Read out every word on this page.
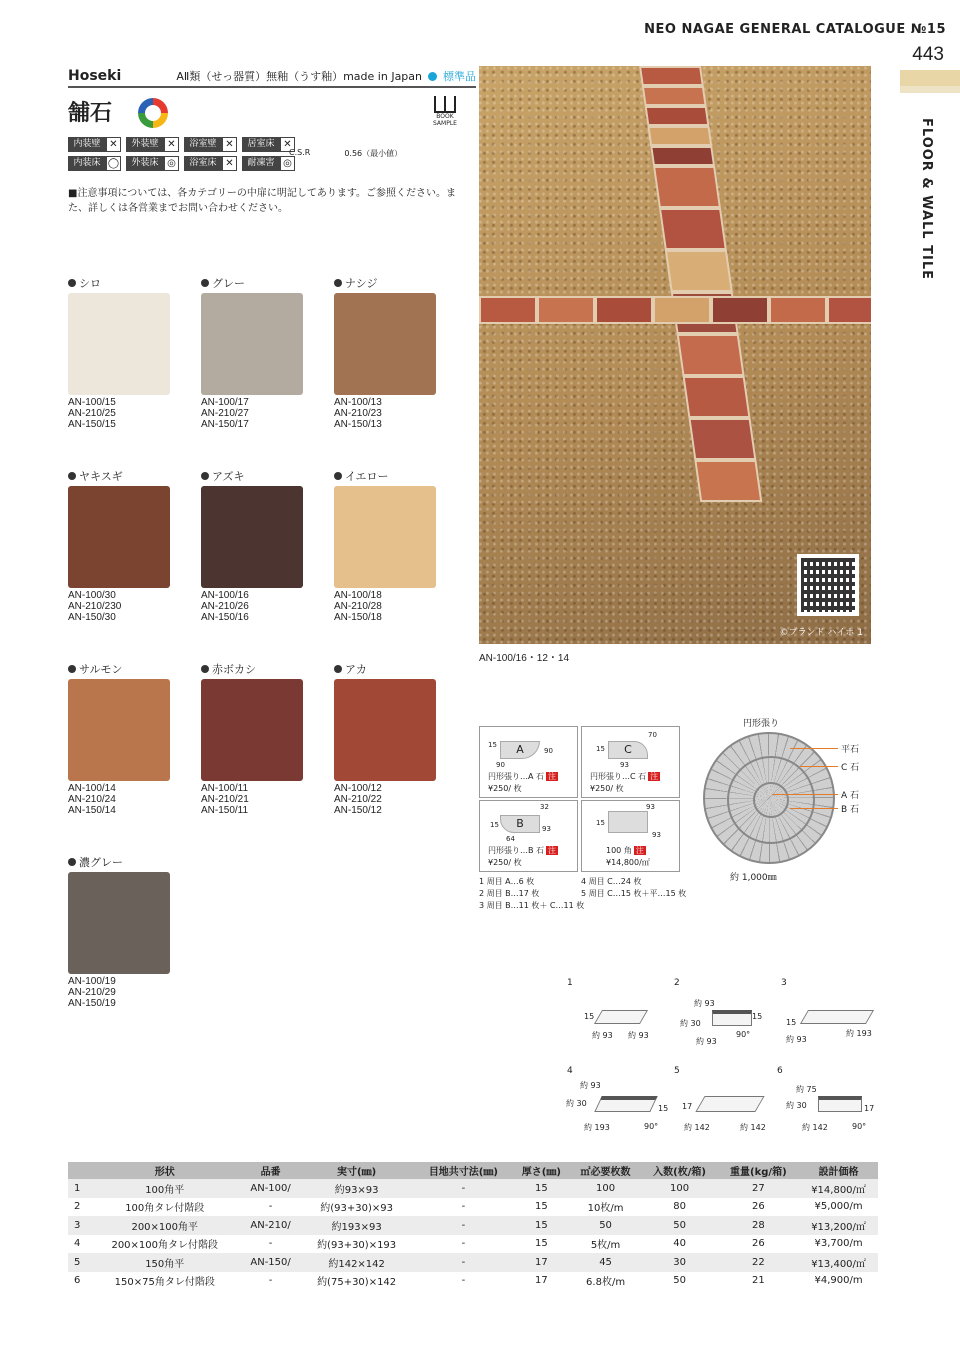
NEO NAGAE GENERAL CATALOGUE №15
443
FLOOR & WALL TILE
Hoseki	AⅡ類（せっ器質）無釉（うす釉）made in Japan 標準品
舗石	BOOK SAMPLE
内装壁 ✕	外装壁 ✕	浴室壁 ✕	居室床 ✕
内装床 ◯	外装床 ◎	浴室床 ✕	耐凍害 ◎
C.S.R	0.56（最小値）
■注意事項については、各カテゴリーの中扉に明記してあります。ご参照ください。また、詳しくは各営業までお問い合わせください。
シロ
AN-100/15
AN-210/25
AN-150/15
グレー
AN-100/17
AN-210/27
AN-150/17
ナシジ
AN-100/13
AN-210/23
AN-150/13
ヤキスギ
AN-100/30
AN-210/230
AN-150/30
アズキ
AN-100/16
AN-210/26
AN-150/16
イエロー
AN-100/18
AN-210/28
AN-150/18
サルモン
AN-100/14
AN-210/24
AN-150/14
赤ボカシ
AN-100/11
AN-210/21
AN-150/11
アカ
AN-100/12
AN-210/22
AN-150/12
濃グレー
AN-100/19
AN-210/29
AN-150/19
©ブランド ハイホ 1
AN-100/16・12・14
A
15
90
90
円形張り…A 石 注
¥250/ 枚
C
70
15
93
円形張り…C 石 注
¥250/ 枚
B
32
15	93
64
円形張り…B 石 注
¥250/ 枚
93
15
93
100 角 注
¥14,800/㎡
1 周目 A…6 枚
2 周目 B…17 枚
3 周目 B…11 枚＋ C…11 枚
4 周目 C…24 枚
5 周目 C…15 枚＋平…15 枚
円形張り
平石
C 石
A 石
B 石
約 1,000㎜
1
15
約 93 約 93
2
約 93
約 30
15
約 93
90°
3
15
約 93
約 193
4
約 93
約 30
15
約 193	90°
5
17
約 142	約 142
6
約 75
約 30	17
約 142	90°
	形状	品番	実寸(㎜)	目地共寸法(㎜)	厚さ(㎜)	㎡必要枚数	入数(枚/箱)	重量(kg/箱)	設計価格
1	100角平	AN-100/	約93×93	-	15	100	100	27	¥14,800/㎡
2	100角タレ付階段	-	約(93+30)×93	-	15	10枚/m	80	26	¥5,000/m
3	200×100角平	AN-210/	約193×93	-	15	50	50	28	¥13,200/㎡
4	200×100角タレ付階段	-	約(93+30)×193	-	15	5枚/m	40	26	¥3,700/m
5	150角平	AN-150/	約142×142	-	17	45	30	22	¥13,400/㎡
6	150×75角タレ付階段	-	約(75+30)×142	-	17	6.8枚/m	50	21	¥4,900/m
